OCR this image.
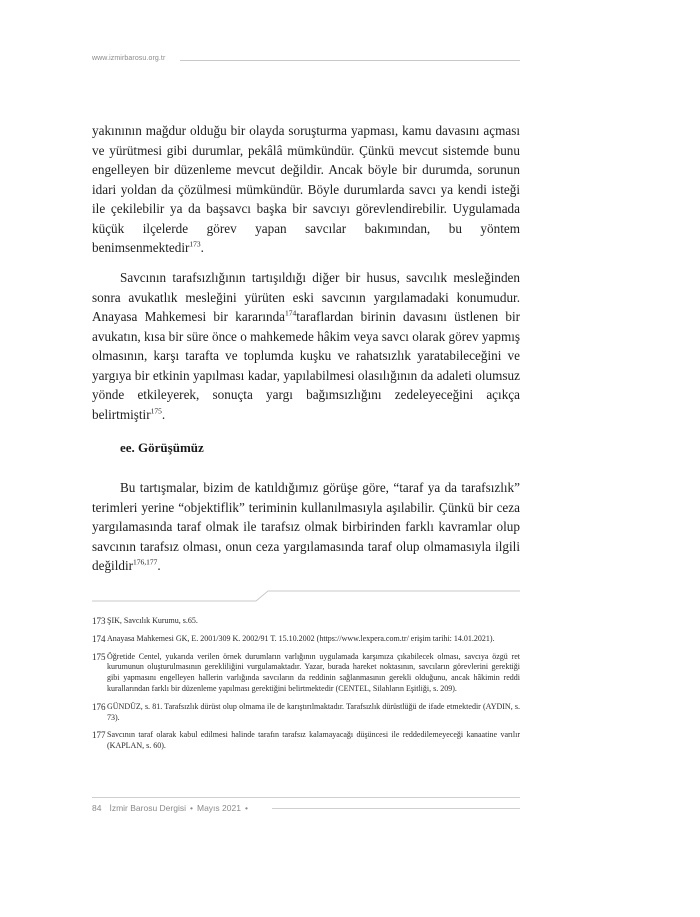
www.izmirbarosu.org.tr

yakınının mağdur olduğu bir olayda soruşturma yapması, kamu davasını açması ve yürütmesi gibi durumlar, pekâlâ mümkündür. Çünkü mevcut sistemde bunu engelleyen bir düzenleme mevcut değildir. Ancak böyle bir durumda, sorunun idari yoldan da çözülmesi mümkündür. Böyle durumlarda savcı ya kendi isteği ile çekilebilir ya da başsavcı başka bir savcıyı görevlendirebilir. Uygulamada küçük ilçelerde görev yapan savcılar bakımından, bu yöntem benimsenmektedir$^{173}$.

Savcının tarafsızlığının tartışıldığı diğer bir husus, savcılık mesleğinden sonra avukatlık mesleğini yürüten eski savcının yargılamadaki konumudur. Anayasa Mahkemesi bir kararında$^{174}$taraflardan birinin davasını üstlenen bir avukatın, kısa bir süre önce o mahkemede hâkim veya savcı olarak görev yapmış olmasının, karşı tarafta ve toplumda kuşku ve rahatsızlık yaratabileceğini ve yargıya bir etkinin yapılması kadar, yapılabilmesi olasılığının da adaleti olumsuz yönde etkileyerek, sonuçta yargı bağımsızlığını zedeleyeceğini açıkça belirtmiştir$^{175}$.

ee. Görüşümüz

Bu tartışmalar, bizim de katıldığımız görüşe göre, “taraf ya da tarafsızlık” terimleri yerine “objektiflik” teriminin kullanılmasıyla aşılabilir. Çünkü bir ceza yargılamasında taraf olmak ile tarafsız olmak birbirinden farklı kavramlar olup savcının tarafsız olması, onun ceza yargılamasında taraf olup olmamasıyla ilgili değildir$^{176,177}$.

173 ŞIK, Savcılık Kurumu, s.65.
174 Anayasa Mahkemesi GK, E. 2001/309 K. 2002/91 T. 15.10.2002 (https://www.lexpera.com.tr/ erişim tarihi: 14.01.2021).
175 Öğretide Centel, yukarıda verilen örnek durumların varlığının uygulamada karşımıza çıkabilecek olması, savcıya özgü ret kurumunun oluşturulmasının gerekliliğini vurgulamaktadır. Yazar, burada hareket noktasının, savcıların görevlerini gerektiği gibi yapmasını engelleyen hallerin varlığında savcıların da reddinin sağlanmasının gerekli olduğunu, ancak hâkimin reddi kurallarından farklı bir düzenleme yapılması gerektiğini belirtmektedir (CENTEL, Silahların Eşitliği, s. 209).
176 GÜNDÜZ, s. 81. Tarafsızlık dürüst olup olmama ile de karıştırılmaktadır. Tarafsızlık dürüstlüğü de ifade etmektedir (AYDIN, s. 73).
177 Savcının taraf olarak kabul edilmesi halinde tarafın tarafsız kalamayacağı düşüncesi ile reddedilemeyeceği kanaatine varılır (KAPLAN, s. 60).
84 İzmir Barosu Dergisi • Mayıs 2021 •
